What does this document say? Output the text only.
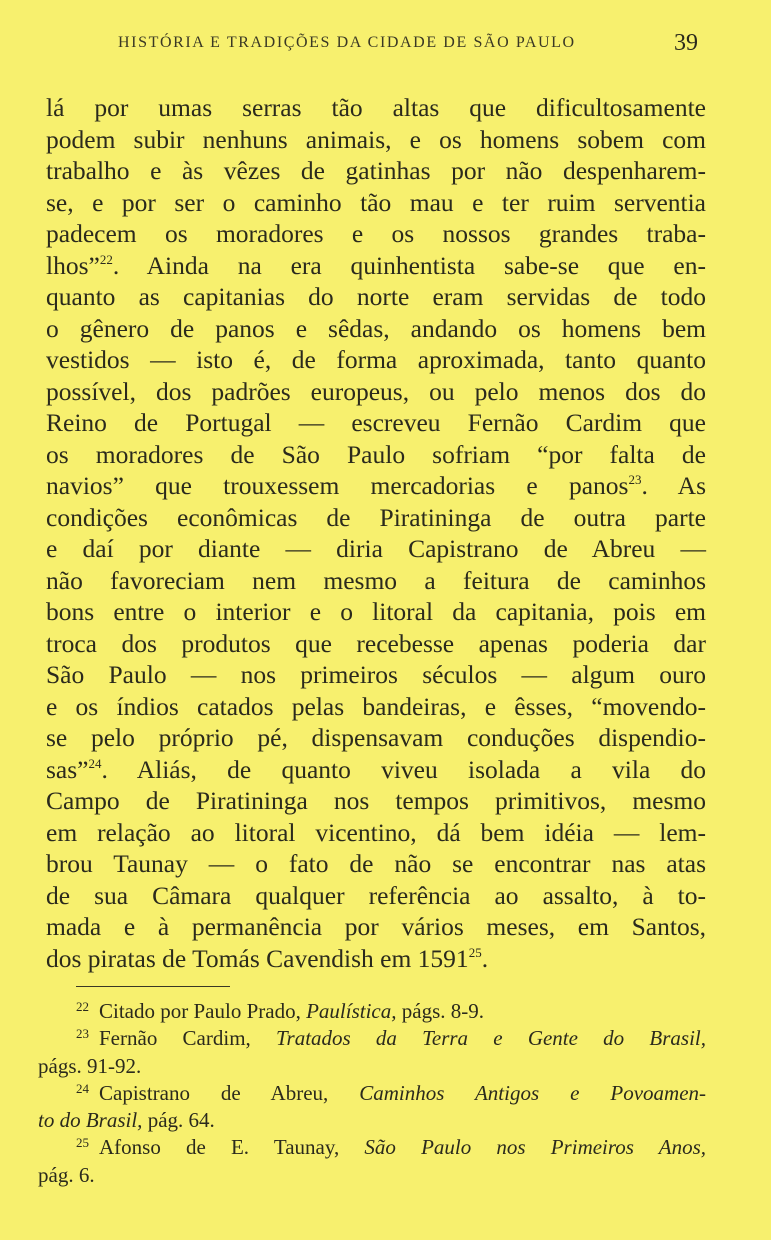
HISTÓRIA E TRADIÇÕES DA CIDADE DE SÃO PAULO	39
lá por umas serras tão altas que dificultosamente
podem subir nenhuns animais, e os homens sobem com
trabalho e às vêzes de gatinhas por não despenharem-
se, e por ser o caminho tão mau e ter ruim serventia
padecem os moradores e os nossos grandes traba-
lhos”$^{22}$. Ainda na era quinhentista sabe-se que en-
quanto as capitanias do norte eram servidas de todo
o gênero de panos e sêdas, andando os homens bem
vestidos — isto é, de forma aproximada, tanto quanto
possível, dos padrões europeus, ou pelo menos dos do
Reino de Portugal — escreveu Fernão Cardim que
os moradores de São Paulo sofriam “por falta de
navios” que trouxessem mercadorias e panos$^{23}$. As
condições econômicas de Piratininga de outra parte
e daí por diante — diria Capistrano de Abreu —
não favoreciam nem mesmo a feitura de caminhos
bons entre o interior e o litoral da capitania, pois em
troca dos produtos que recebesse apenas poderia dar
São Paulo — nos primeiros séculos — algum ouro
e os índios catados pelas bandeiras, e êsses, “movendo-
se pelo próprio pé, dispensavam conduções dispendio-
sas”$^{24}$. Aliás, de quanto viveu isolada a vila do
Campo de Piratininga nos tempos primitivos, mesmo
em relação ao litoral vicentino, dá bem idéia — lem-
brou Taunay — o fato de não se encontrar nas atas
de sua Câmara qualquer referência ao assalto, à to-
mada e à permanência por vários meses, em Santos,
dos piratas de Tomás Cavendish em 1591$^{25}$.
$^{22}$ Citado por Paulo Prado, Paulística, págs. 8-9.
$^{23}$ Fernão Cardim, Tratados da Terra e Gente do Brasil,
págs. 91-92.
$^{24}$ Capistrano de Abreu, Caminhos Antigos e Povoamen-
to do Brasil, pág. 64.
$^{25}$ Afonso de E. Taunay, São Paulo nos Primeiros Anos,
pág. 6.
